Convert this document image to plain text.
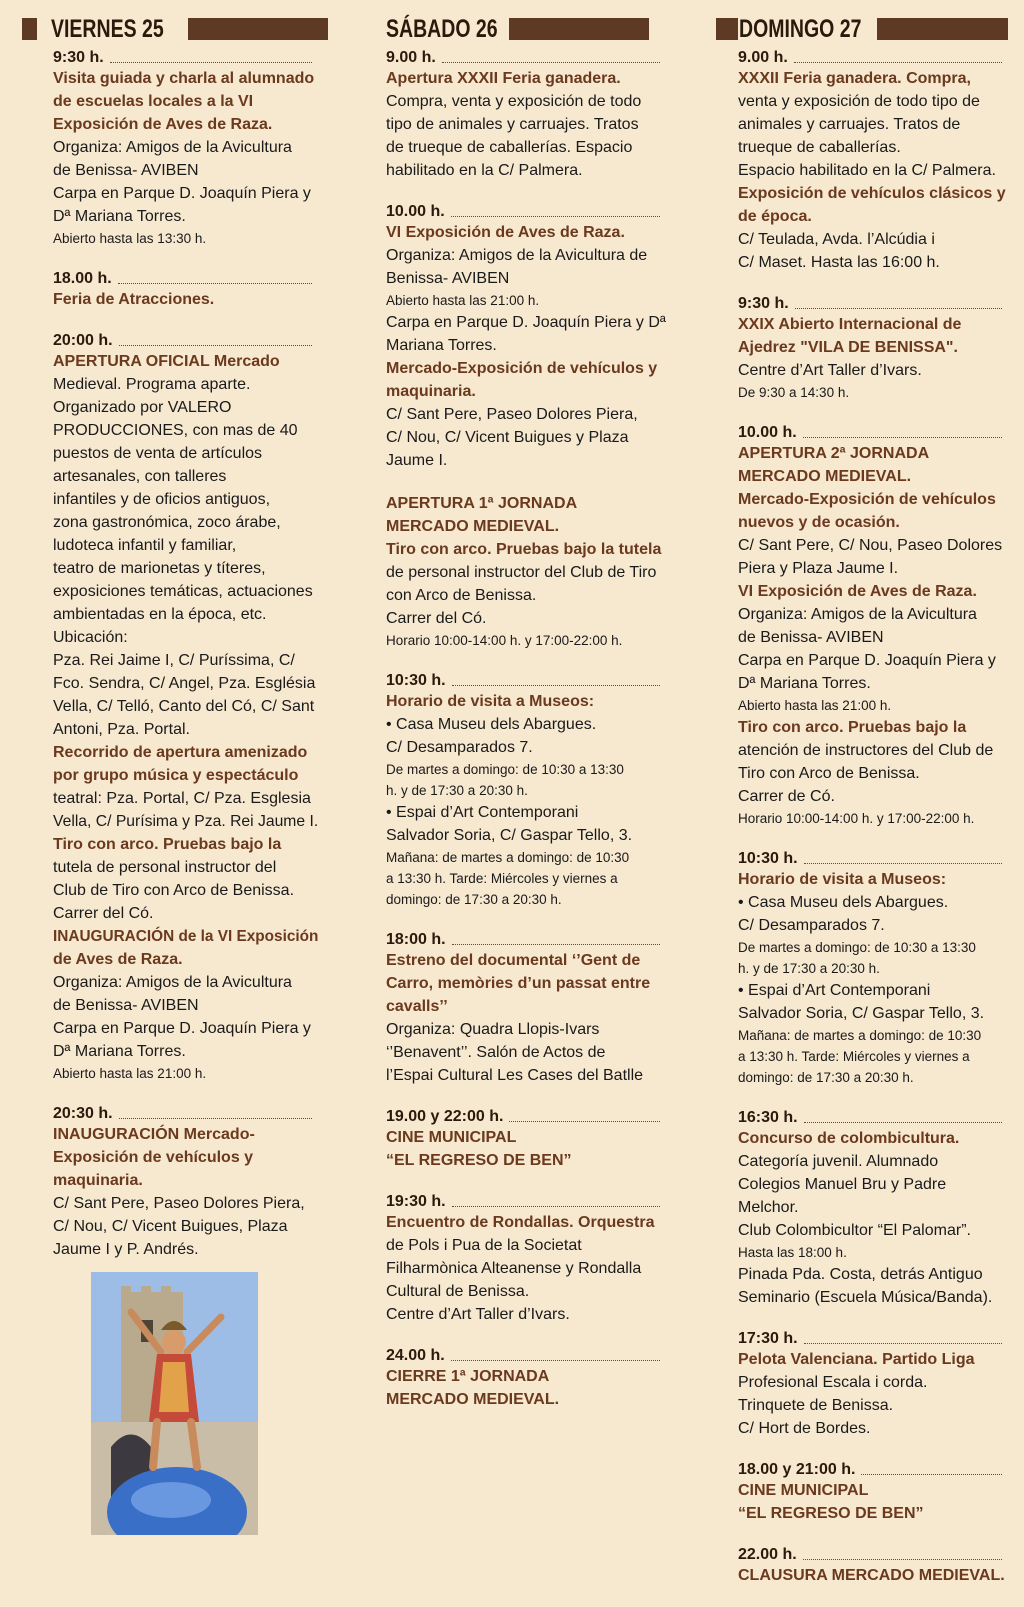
VIERNES 25
9:30 h.
Visita guiada y charla al alumnado
de escuelas locales a la VI
Exposición de Aves de Raza.
Organiza: Amigos de la Avicultura
de Benissa- AVIBEN
Carpa en Parque D. Joaquín Piera y
Dª Mariana Torres.
Abierto hasta las 13:30 h.
18.00 h.
Feria de Atracciones.
20:00 h.
APERTURA OFICIAL Mercado
Medieval. Programa aparte.
Organizado por VALERO
PRODUCCIONES, con mas de 40
puestos de venta de artículos
artesanales, con talleres
infantiles y de oficios antiguos,
zona gastronómica, zoco árabe,
ludoteca infantil y familiar,
teatro de marionetas y títeres,
exposiciones temáticas, actuaciones
ambientadas en la época, etc.
Ubicación:
Pza. Rei Jaime I, C/ Puríssima, C/
Fco. Sendra, C/ Angel, Pza. Església
Vella, C/ Telló, Canto del Có, C/ Sant
Antoni, Pza. Portal.
Recorrido de apertura amenizado
por grupo música y espectáculo
teatral: Pza. Portal, C/ Pza. Esglesia
Vella, C/ Purísima y Pza. Rei Jaume I.
Tiro con arco. Pruebas bajo la
tutela de personal instructor del
Club de Tiro con Arco de Benissa.
Carrer del Có.
INAUGURACIÓN de la VI Exposición
de Aves de Raza.
Organiza: Amigos de la Avicultura
de Benissa- AVIBEN
Carpa en Parque D. Joaquín Piera y
Dª Mariana Torres.
Abierto hasta las 21:00 h.
20:30 h.
INAUGURACIÓN Mercado-
Exposición de vehículos y
maquinaria.
C/ Sant Pere, Paseo Dolores Piera,
C/ Nou, C/ Vicent Buigues, Plaza
Jaume I y P. Andrés.
SÁBADO 26
9.00 h.
Apertura XXXII Feria ganadera.
Compra, venta y exposición de todo
tipo de animales y carruajes. Tratos
de trueque de caballerías. Espacio
habilitado en la C/ Palmera.
10.00 h.
VI Exposición de Aves de Raza.
Organiza: Amigos de la Avicultura de
Benissa- AVIBEN
Abierto hasta las 21:00 h.
Carpa en Parque D. Joaquín Piera y Dª
Mariana Torres.
Mercado-Exposición de vehículos y
maquinaria.
C/ Sant Pere, Paseo Dolores Piera,
C/ Nou, C/ Vicent Buigues y Plaza
Jaume I.
APERTURA 1ª JORNADA
MERCADO MEDIEVAL.
Tiro con arco. Pruebas bajo la tutela
de personal instructor del Club de Tiro
con Arco de Benissa.
Carrer del Có.
Horario 10:00-14:00 h. y 17:00-22:00 h.
10:30 h.
Horario de visita a Museos:
• Casa Museu dels Abargues.
C/ Desamparados 7.
De martes a domingo: de 10:30 a 13:30
h. y de 17:30 a 20:30 h.
• Espai d’Art Contemporani
Salvador Soria, C/ Gaspar Tello, 3.
Mañana: de martes a domingo: de 10:30
a 13:30 h. Tarde: Miércoles y viernes a
domingo: de 17:30 a 20:30 h.
18:00 h.
Estreno del documental ‘’Gent de
Carro, memòries d’un passat entre
cavalls’’
Organiza: Quadra Llopis-Ivars
‘’Benavent’’. Salón de Actos de
l’Espai Cultural Les Cases del Batlle
19.00 y 22:00 h.
CINE MUNICIPAL
“EL REGRESO DE BEN”
19:30 h.
Encuentro de Rondallas. Orquestra
de Pols i Pua de la Societat
Filharmònica Alteanense y Rondalla
Cultural de Benissa.
Centre d’Art Taller d’Ivars.
24.00 h.
CIERRE 1ª JORNADA
MERCADO MEDIEVAL.
DOMINGO 27
9.00 h.
XXXII Feria ganadera. Compra,
venta y exposición de todo tipo de
animales y carruajes. Tratos de
trueque de caballerías.
Espacio habilitado en la C/ Palmera.
Exposición de vehículos clásicos y
de época.
C/ Teulada, Avda. l’Alcúdia i
C/ Maset. Hasta las 16:00 h.
9:30 h.
XXIX Abierto Internacional de
Ajedrez "VILA DE BENISSA".
Centre d’Art Taller d’Ivars.
De 9:30 a 14:30 h.
10.00 h.
APERTURA 2ª JORNADA
MERCADO MEDIEVAL.
Mercado-Exposición de vehículos
nuevos y de ocasión.
C/ Sant Pere, C/ Nou, Paseo Dolores
Piera y Plaza Jaume I.
VI Exposición de Aves de Raza.
Organiza: Amigos de la Avicultura
de Benissa- AVIBEN
Carpa en Parque D. Joaquín Piera y
Dª Mariana Torres.
Abierto hasta las 21:00 h.
Tiro con arco. Pruebas bajo la
atención de instructores del Club de
Tiro con Arco de Benissa.
Carrer de Có.
Horario 10:00-14:00 h. y 17:00-22:00 h.
10:30 h.
Horario de visita a Museos:
• Casa Museu dels Abargues.
C/ Desamparados 7.
De martes a domingo: de 10:30 a 13:30
h. y de 17:30 a 20:30 h.
• Espai d’Art Contemporani
Salvador Soria, C/ Gaspar Tello, 3.
Mañana: de martes a domingo: de 10:30
a 13:30 h. Tarde: Miércoles y viernes a
domingo: de 17:30 a 20:30 h.
16:30 h.
Concurso de colombicultura.
Categoría juvenil. Alumnado
Colegios Manuel Bru y Padre
Melchor.
Club Colombicultor “El Palomar”.
Hasta las 18:00 h.
Pinada Pda. Costa, detrás Antiguo
Seminario (Escuela Música/Banda).
17:30 h.
Pelota Valenciana. Partido Liga
Profesional Escala i corda.
Trinquete de Benissa.
C/ Hort de Bordes.
18.00 y 21:00 h.
CINE MUNICIPAL
“EL REGRESO DE BEN”
22.00 h.
CLAUSURA MERCADO MEDIEVAL.
